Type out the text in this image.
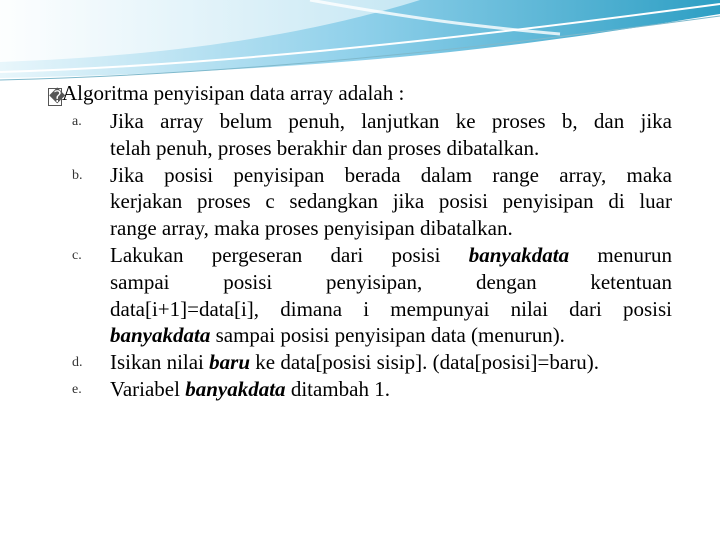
�Algoritma penyisipan data array adalah :
a. Jika array belum penuh, lanjutkan ke proses b, dan jika
telah penuh, proses berakhir dan proses dibatalkan.
b. Jika posisi penyisipan berada dalam range array, maka
kerjakan proses c sedangkan jika posisi penyisipan di luar
range array, maka proses penyisipan dibatalkan.
c. Lakukan pergeseran dari posisi banyakdata menurun
sampai posisi penyisipan, dengan ketentuan
data[i+1]=data[i], dimana i mempunyai nilai dari posisi
banyakdata sampai posisi penyisipan data (menurun).
d. Isikan nilai baru ke data[posisi sisip]. (data[posisi]=baru).
e. Variabel banyakdata ditambah 1.
